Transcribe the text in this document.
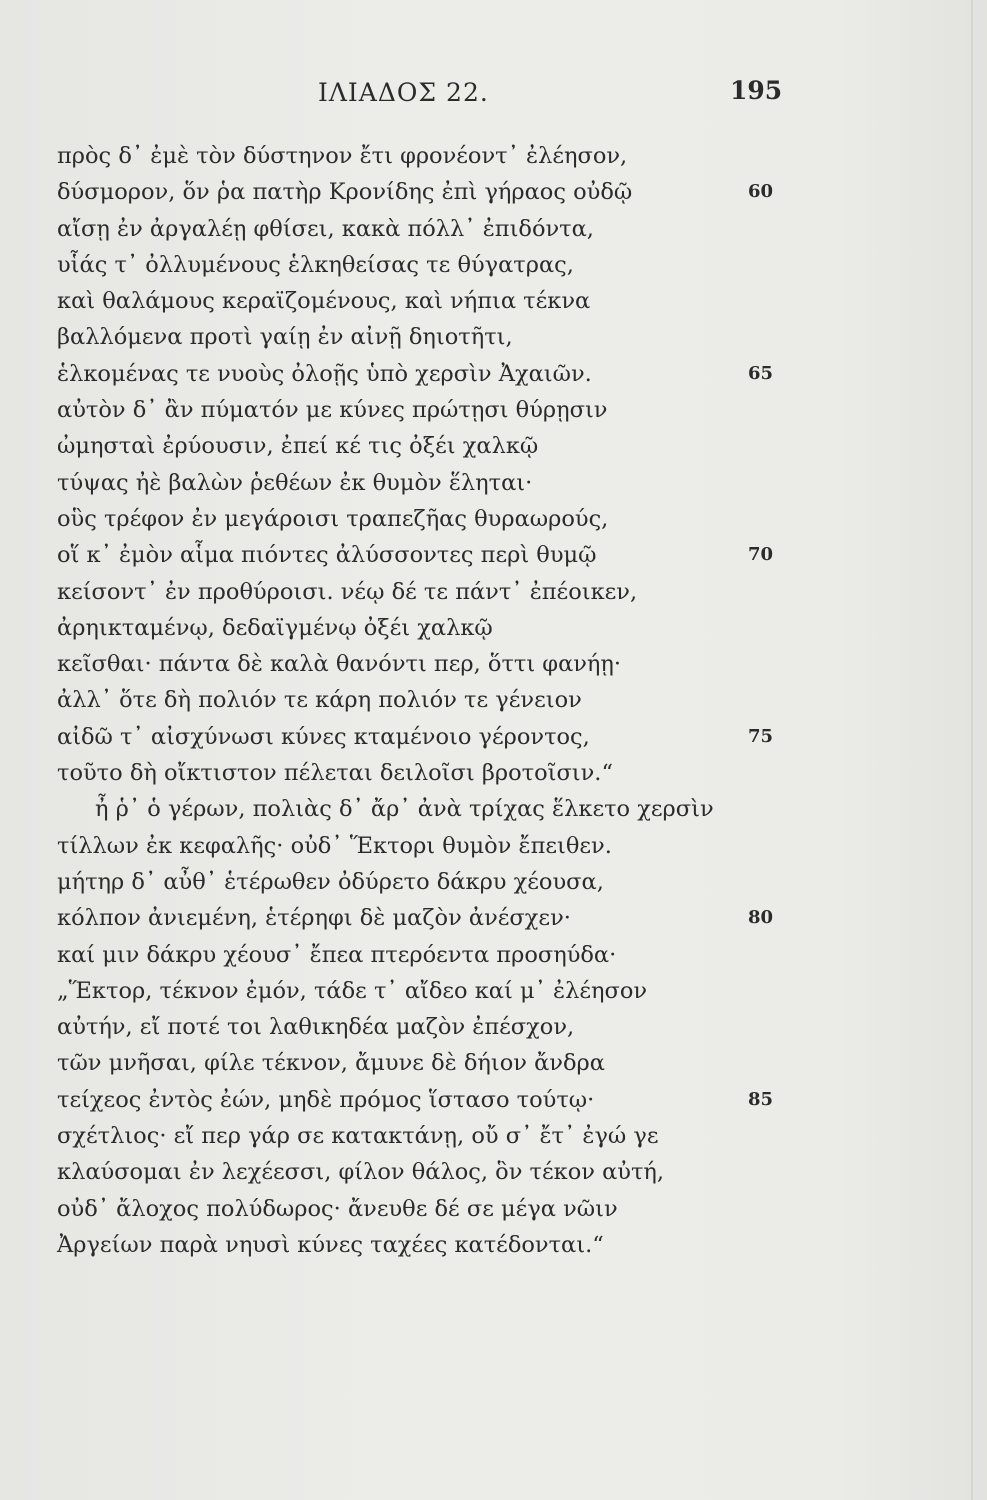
ΙΛΙΑΔΟΣ 22.	195
πρὸς δ᾽ ἐμὲ τὸν δύστηνον ἔτι φρονέοντ᾽ ἐλέησον,
δύσμορον, ὅν ῥα πατὴρ Κρονίδης ἐπὶ γήραος οὐδῷ	60
αἴσῃ ἐν ἀργαλέῃ φθίσει, κακὰ πόλλ᾽ ἐπιδόντα,
υἷάς τ᾽ ὀλλυμένους ἑλκηθείσας τε θύγατρας,
καὶ θαλάμους κεραϊζομένους, καὶ νήπια τέκνα
βαλλόμενα προτὶ γαίῃ ἐν αἰνῇ δηιοτῆτι,
ἑλκομένας τε νυοὺς ὀλοῇς ὑπὸ χερσὶν Ἀχαιῶν.	65
αὐτὸν δ᾽ ἂν πύματόν με κύνες πρώτῃσι θύρῃσιν
ὠμησταὶ ἐρύουσιν, ἐπεί κέ τις ὀξέι χαλκῷ
τύψας ἠὲ βαλὼν ῥεθέων ἐκ θυμὸν ἕληται·
οὓς τρέφον ἐν μεγάροισι τραπεζῆας θυραωρούς,
οἵ κ᾽ ἐμὸν αἷμα πιόντες ἀλύσσοντες περὶ θυμῷ	70
κείσοντ᾽ ἐν προθύροισι. νέῳ δέ τε πάντ᾽ ἐπέοικεν,
ἀρηικταμένῳ, δεδαϊγμένῳ ὀξέι χαλκῷ
κεῖσθαι· πάντα δὲ καλὰ θανόντι περ, ὅττι φανήῃ·
ἀλλ᾽ ὅτε δὴ πολιόν τε κάρη πολιόν τε γένειον
αἰδῶ τ᾽ αἰσχύνωσι κύνες κταμένοιο γέροντος,	75
τοῦτο δὴ οἴκτιστον πέλεται δειλοῖσι βροτοῖσιν.“
ἦ ῥ᾽ ὁ γέρων, πολιὰς δ᾽ ἄρ᾽ ἀνὰ τρίχας ἕλκετο χερσὶν
τίλλων ἐκ κεφαλῆς· οὐδ᾽ Ἕκτορι θυμὸν ἔπειθεν.
μήτηρ δ᾽ αὖθ᾽ ἑτέρωθεν ὀδύρετο δάκρυ χέουσα,
κόλπον ἀνιεμένη, ἑτέρηφι δὲ μαζὸν ἀνέσχεν·	80
καί μιν δάκρυ χέουσ᾽ ἔπεα πτερόεντα προσηύδα·
„Ἕκτορ, τέκνον ἐμόν, τάδε τ᾽ αἴδεο καί μ᾽ ἐλέησον
αὐτήν, εἴ ποτέ τοι λαθικηδέα μαζὸν ἐπέσχον,
τῶν μνῆσαι, φίλε τέκνον, ἄμυνε δὲ δήιον ἄνδρα
τείχεος ἐντὸς ἐών, μηδὲ πρόμος ἵστασο τούτῳ·	85
σχέτλιος· εἴ περ γάρ σε κατακτάνῃ, οὔ σ᾽ ἔτ᾽ ἐγώ γε
κλαύσομαι ἐν λεχέεσσι, φίλον θάλος, ὃν τέκον αὐτή,
οὐδ᾽ ἄλοχος πολύδωρος· ἄνευθε δέ σε μέγα νῶιν
Ἀργείων παρὰ νηυσὶ κύνες ταχέες κατέδονται.“
